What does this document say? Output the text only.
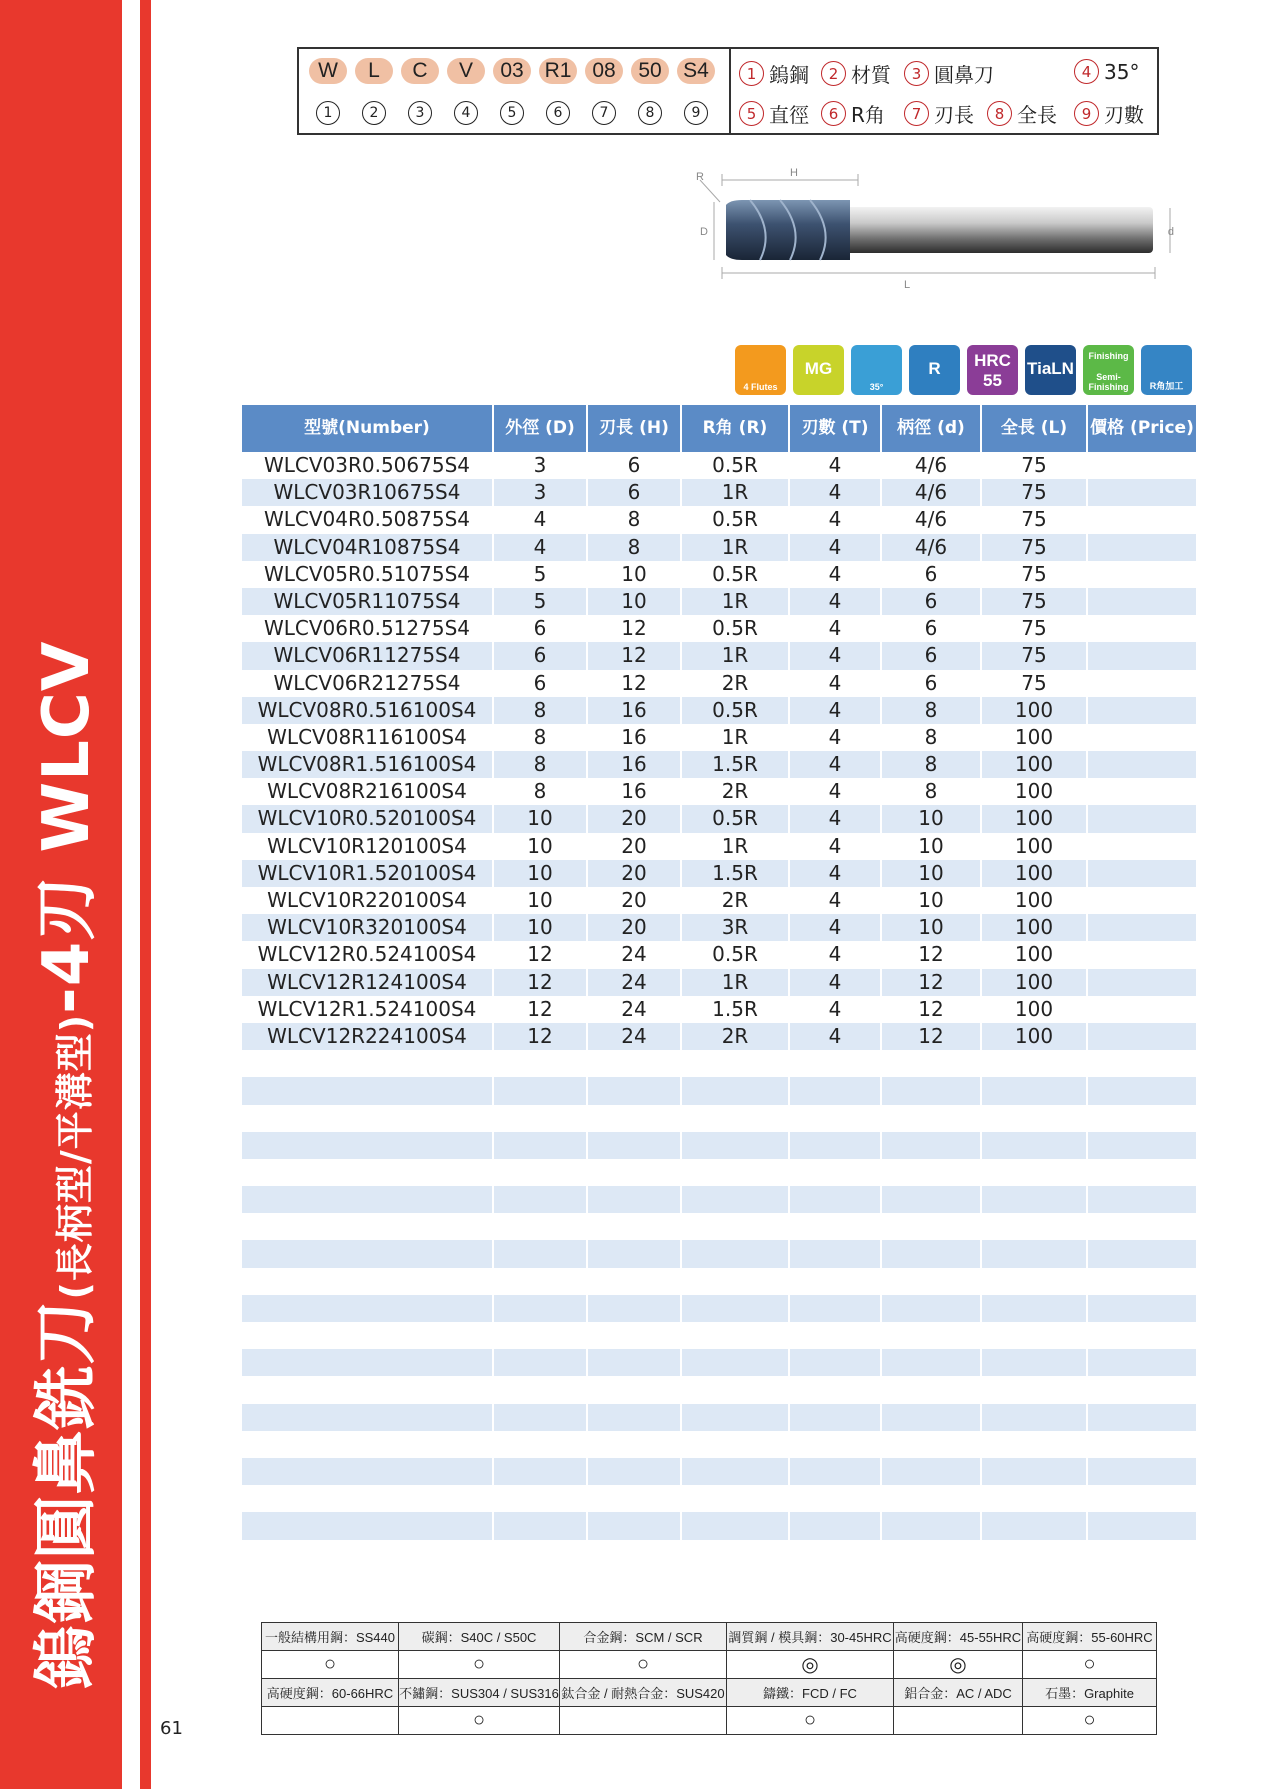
鎢鋼圓鼻銑刀(長柄型/平溝型)-4刃 WLCV
61
W
1
L
2
C
3
V
4
03
5
R1
6
08
7
50
8
S4
9
1 鎢鋼	2 材質	3 圓鼻刀	4 35°
5 直徑	6 R角	7 刃長	8 全長	9 刃數
R	H
D	d
L
4 Flutes
MG
35°
R	HRC
55
TiaLN
Finishing
Semi-Finishing	R角加工
型號(Number)	外徑 (D)	刃長 (H)	R角 (R)	刃數 (T)	柄徑 (d)	全長 (L)	價格 (Price)
WLCV03R0.50675S4	3	6	0.5R	4	4/6	75
WLCV03R10675S4	3	6	1R	4	4/6	75
WLCV04R0.50875S4	4	8	0.5R	4	4/6	75
WLCV04R10875S4	4	8	1R	4	4/6	75
WLCV05R0.51075S4	5	10	0.5R	4	6	75
WLCV05R11075S4	5	10	1R	4	6	75
WLCV06R0.51275S4	6	12	0.5R	4	6	75
WLCV06R11275S4	6	12	1R	4	6	75
WLCV06R21275S4	6	12	2R	4	6	75
WLCV08R0.516100S4	8	16	0.5R	4	8	100
WLCV08R116100S4	8	16	1R	4	8	100
WLCV08R1.516100S4	8	16	1.5R	4	8	100
WLCV08R216100S4	8	16	2R	4	8	100
WLCV10R0.520100S4	10	20	0.5R	4	10	100
WLCV10R120100S4	10	20	1R	4	10	100
WLCV10R1.520100S4	10	20	1.5R	4	10	100
WLCV10R220100S4	10	20	2R	4	10	100
WLCV10R320100S4	10	20	3R	4	10	100
WLCV12R0.524100S4	12	24	0.5R	4	12	100
WLCV12R124100S4	12	24	1R	4	12	100
WLCV12R1.524100S4	12	24	1.5R	4	12	100
WLCV12R224100S4	12	24	2R	4	12	100
一般結構用鋼：SS440	碳鋼：S40C / S50C	合金鋼：SCM / SCR	調質鋼 / 模具鋼：30-45HRC	高硬度鋼：45-55HRC	高硬度鋼：55-60HRC
○	○	○	◎	◎	○
高硬度鋼：60-66HRC	不鏽鋼：SUS304 / SUS316	鈦合金 / 耐熱合金：SUS420	鑄鐵：FCD / FC	鋁合金：AC / ADC	石墨：Graphite
	○		○		○
